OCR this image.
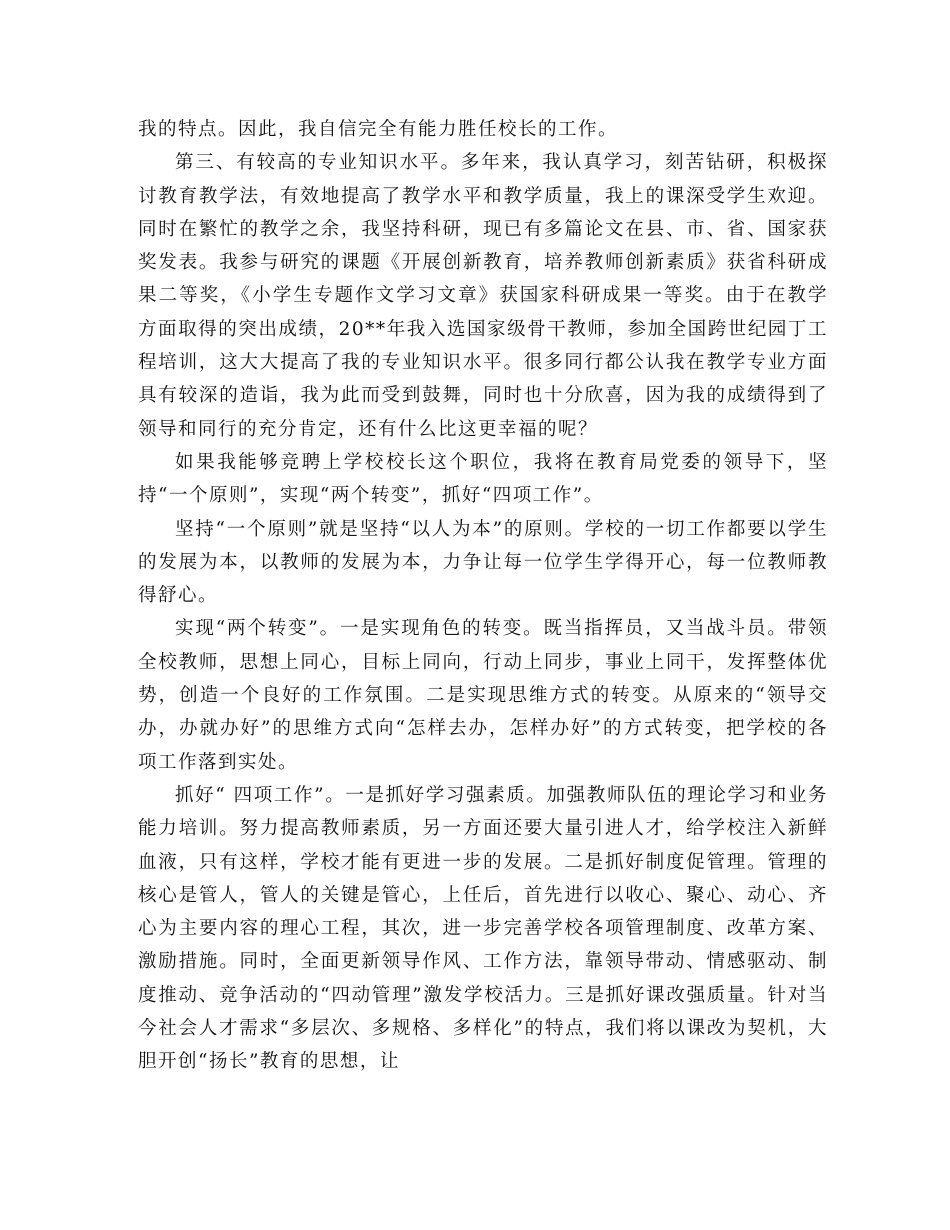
我的特点。因此，我自信完全有能力胜任校长的工作。

第三、有较高的专业知识水平。多年来，我认真学习，刻苦钻研，积极探讨教育教学法，有效地提高了教学水平和教学质量，我上的课深受学生欢迎。同时在繁忙的教学之余，我坚持科研，现已有多篇论文在县、市、省、国家获奖发表。我参与研究的课题《开展创新教育，培养教师创新素质》获省科研成果二等奖，《小学生专题作文学习文章》获国家科研成果一等奖。由于在教学方面取得的突出成绩，20**年我入选国家级骨干教师，参加全国跨世纪园丁工程培训，这大大提高了我的专业知识水平。很多同行都公认我在教学专业方面具有较深的造诣，我为此而受到鼓舞，同时也十分欣喜，因为我的成绩得到了领导和同行的充分肯定，还有什么比这更幸福的呢？

如果我能够竞聘上学校校长这个职位，我将在教育局党委的领导下，坚持“一个原则”，实现“两个转变”，抓好“四项工作”。

坚持“一个原则”就是坚持“以人为本”的原则。学校的一切工作都要以学生的发展为本，以教师的发展为本，力争让每一位学生学得开心，每一位教师教得舒心。

实现“两个转变”。一是实现角色的转变。既当指挥员，又当战斗员。带领全校教师，思想上同心，目标上同向，行动上同步，事业上同干，发挥整体优势，创造一个良好的工作氛围。二是实现思维方式的转变。从原来的“领导交办，办就办好”的思维方式向“怎样去办，怎样办好”的方式转变，把学校的各项工作落到实处。

抓好“ 四项工作”。一是抓好学习强素质。加强教师队伍的理论学习和业务能力培训。努力提高教师素质，另一方面还要大量引进人才，给学校注入新鲜血液，只有这样，学校才能有更进一步的发展。二是抓好制度促管理。管理的核心是管人，管人的关键是管心，上任后，首先进行以收心、聚心、动心、齐心为主要内容的理心工程，其次，进一步完善学校各项管理制度、改革方案、激励措施。同时，全面更新领导作风、工作方法，靠领导带动、情感驱动、制度推动、竞争活动的“四动管理”激发学校活力。三是抓好课改强质量。针对当今社会人才需求“多层次、多规格、多样化”的特点，我们将以课改为契机，大胆开创“扬长”教育的思想，让
